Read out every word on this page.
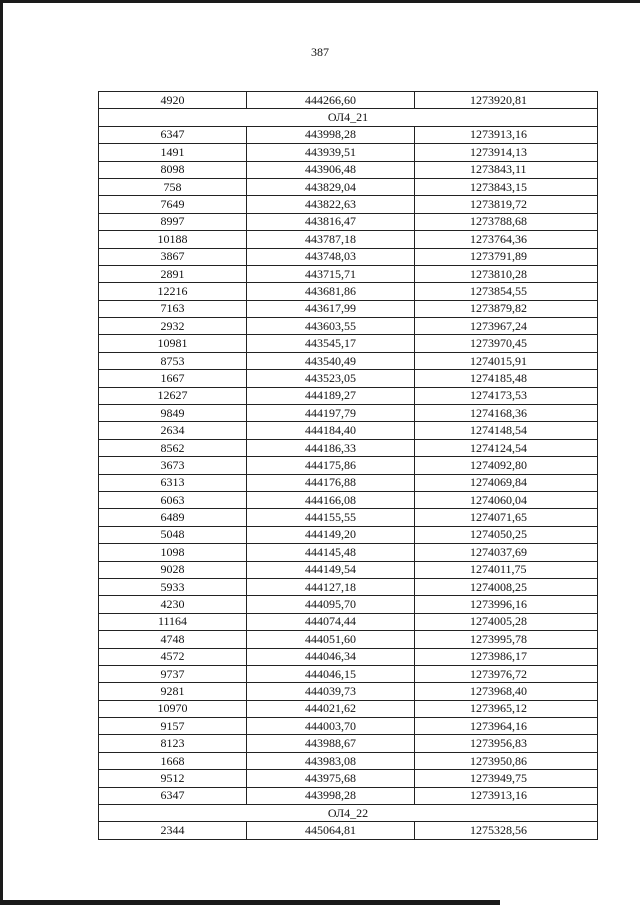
387
4920	444266,60	1273920,81
ОЛ4_21		
6347	443998,28	1273913,16
1491	443939,51	1273914,13
8098	443906,48	1273843,11
758	443829,04	1273843,15
7649	443822,63	1273819,72
8997	443816,47	1273788,68
10188	443787,18	1273764,36
3867	443748,03	1273791,89
2891	443715,71	1273810,28
12216	443681,86	1273854,55
7163	443617,99	1273879,82
2932	443603,55	1273967,24
10981	443545,17	1273970,45
8753	443540,49	1274015,91
1667	443523,05	1274185,48
12627	444189,27	1274173,53
9849	444197,79	1274168,36
2634	444184,40	1274148,54
8562	444186,33	1274124,54
3673	444175,86	1274092,80
6313	444176,88	1274069,84
6063	444166,08	1274060,04
6489	444155,55	1274071,65
5048	444149,20	1274050,25
1098	444145,48	1274037,69
9028	444149,54	1274011,75
5933	444127,18	1274008,25
4230	444095,70	1273996,16
11164	444074,44	1274005,28
4748	444051,60	1273995,78
4572	444046,34	1273986,17
9737	444046,15	1273976,72
9281	444039,73	1273968,40
10970	444021,62	1273965,12
9157	444003,70	1273964,16
8123	443988,67	1273956,83
1668	443983,08	1273950,86
9512	443975,68	1273949,75
6347	443998,28	1273913,16
ОЛ4_22		
2344	445064,81	1275328,56
